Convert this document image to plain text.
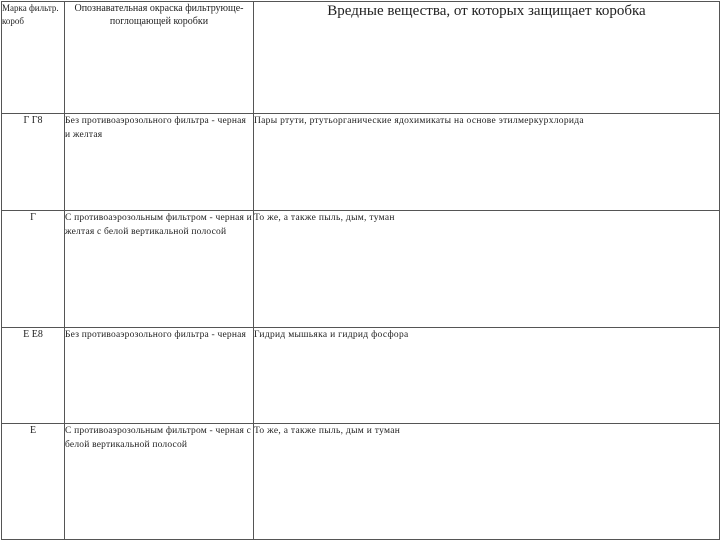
Марка фильтр. короб	Опознавательная окраска фильтрующе-поглощающей коробки	Вредные вещества, от которых защищает коробка
Г Г8	Без противоаэрозольного фильтра - черная и желтая	Пары ртути, ртутьорганические ядохимикаты на основе этилмеркурхлорида
Г	С противоаэрозольным фильтром - черная и желтая с белой вертикальной полосой	То же, а также пыль, дым, туман
Е Е8	Без противоаэрозольного фильтра - черная	Гидрид мышьяка и гидрид фосфора
Е	С противоаэрозольным фильтром - черная с белой вертикальной полосой	То же, а также пыль, дым и туман
